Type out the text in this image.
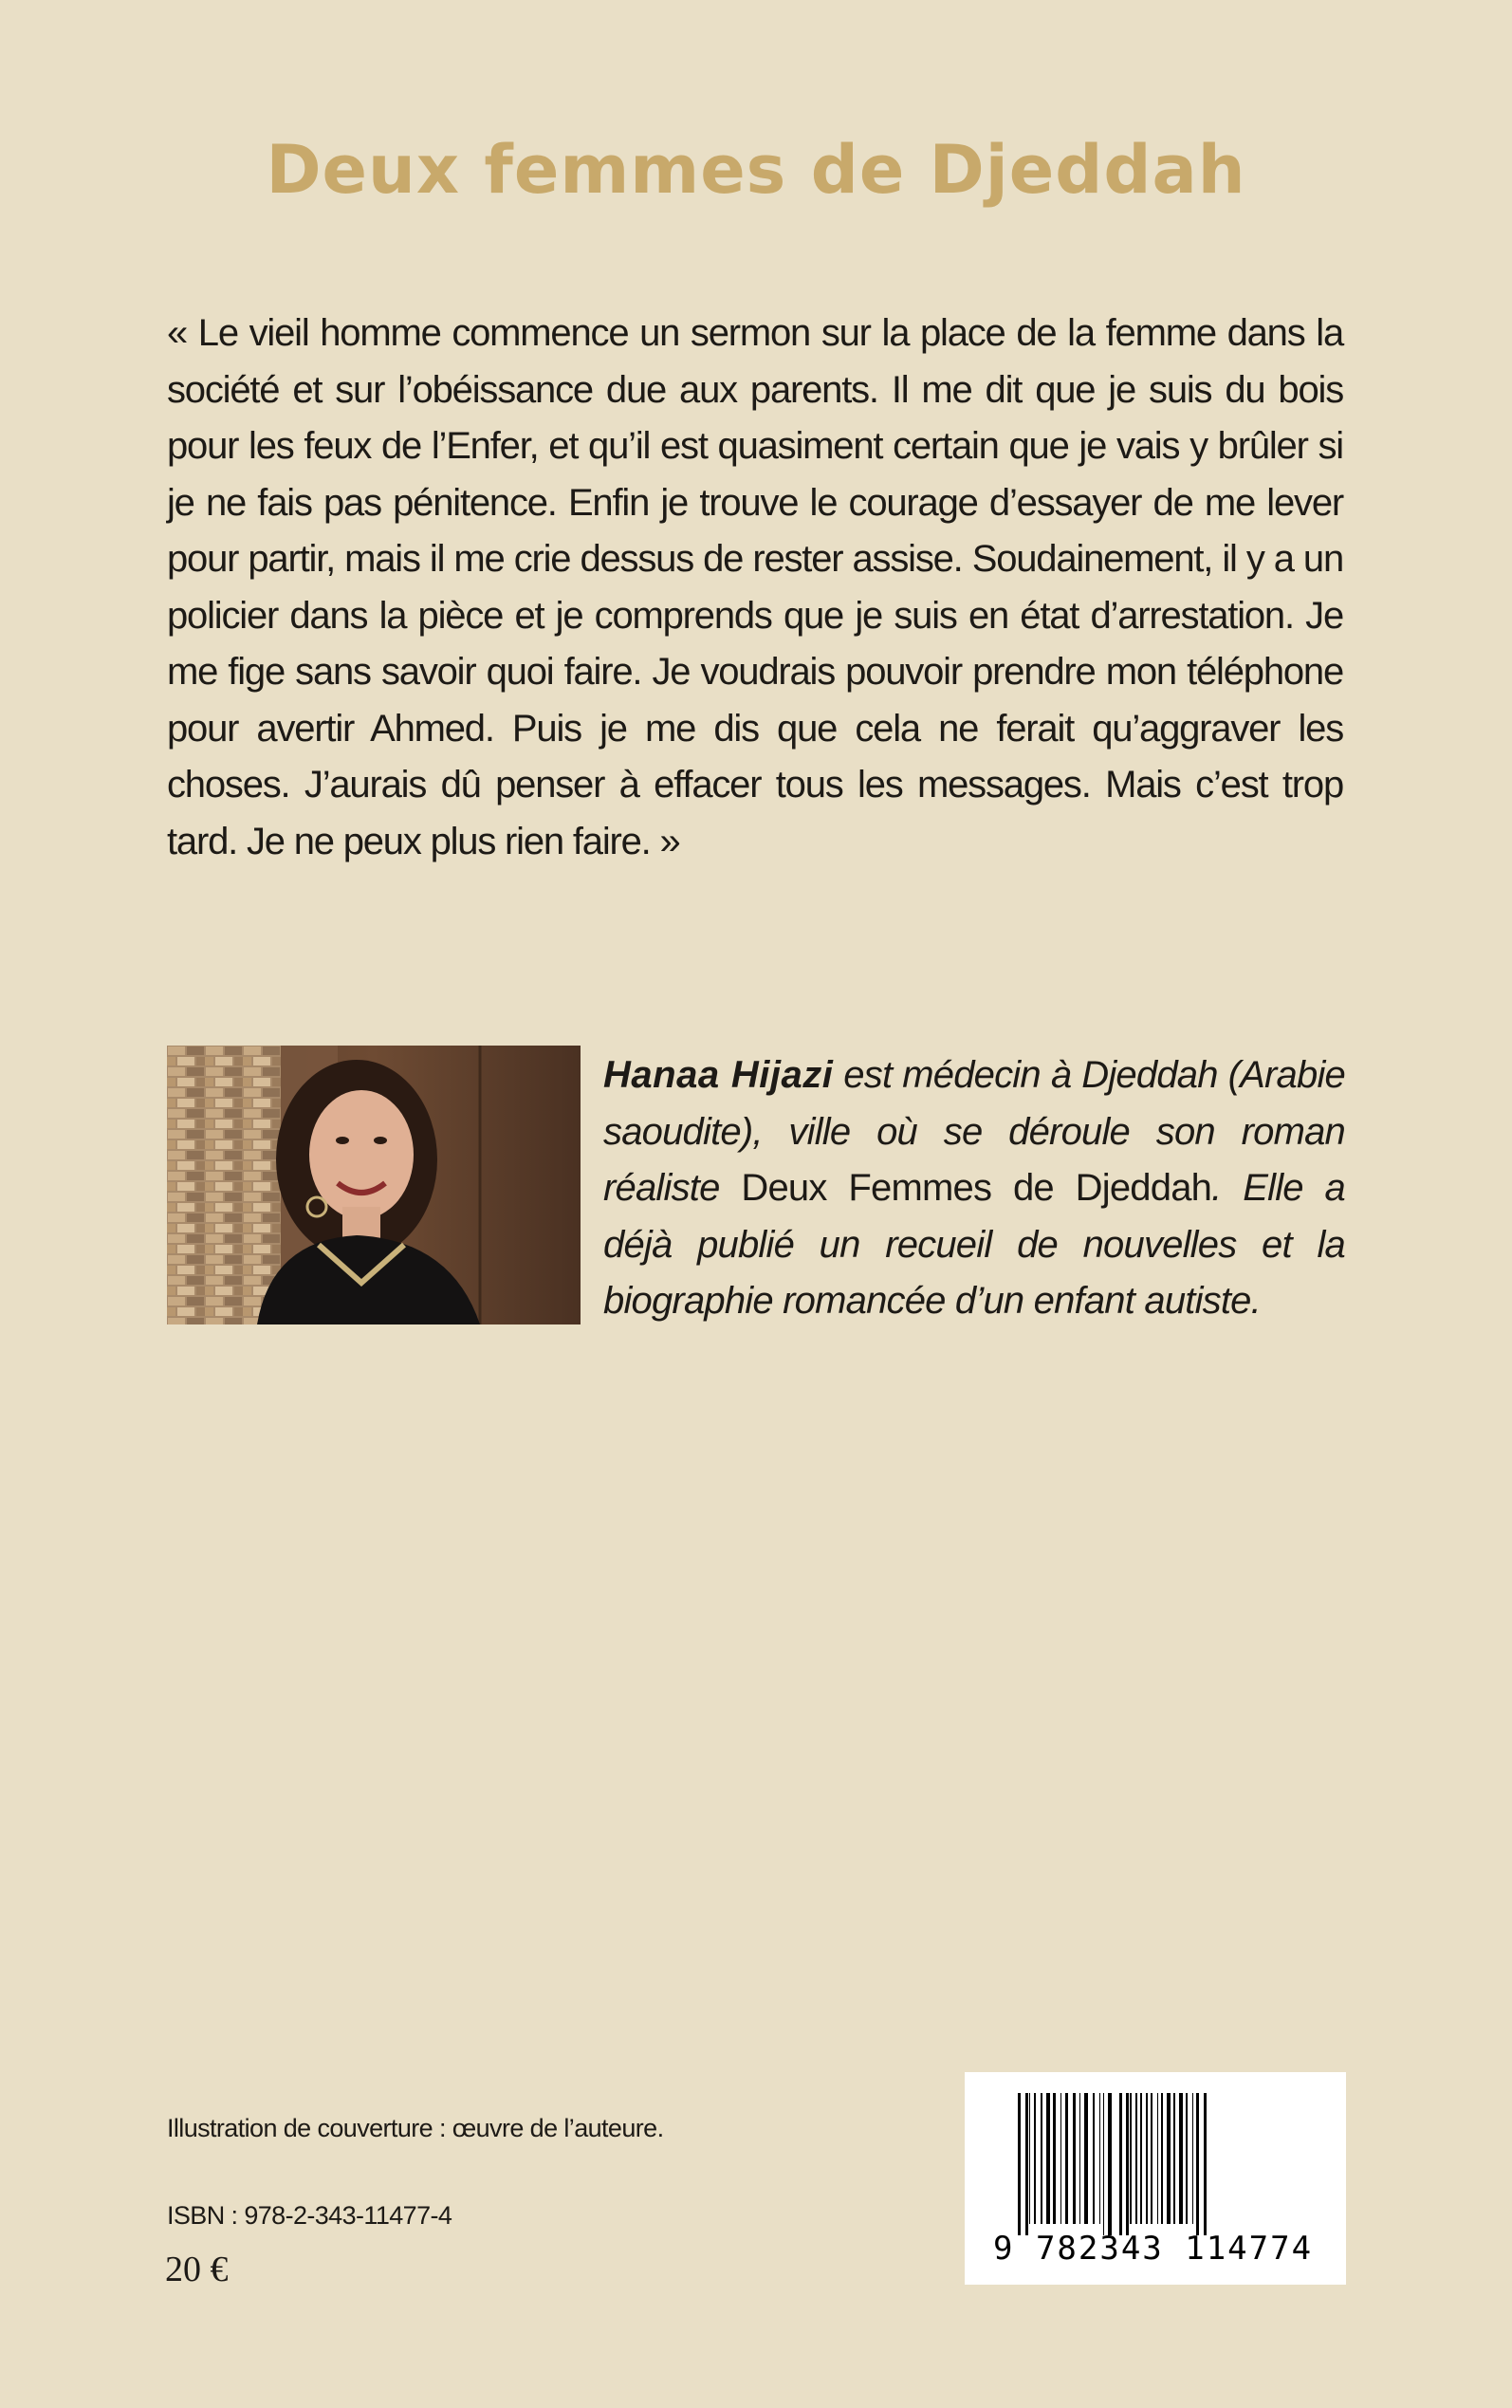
Deux femmes de Djeddah

« Le vieil homme commence un sermon sur la place de la femme dans la société et sur l’obéissance due aux parents. Il me dit que je suis du bois pour les feux de l’Enfer, et qu’il est quasiment certain que je vais y brûler si je ne fais pas pénitence. Enfin je trouve le courage d’essayer de me lever pour partir, mais il me crie dessus de rester assise. Soudainement, il y a un policier dans la pièce et je comprends que je suis en état d’arrestation. Je me fige sans savoir quoi faire. Je voudrais pouvoir prendre mon téléphone pour avertir Ahmed. Puis je me dis que cela ne ferait qu’aggraver les choses. J’aurais dû penser à effacer tous les messages. Mais c’est trop tard. Je ne peux plus rien faire. »

Hanaa Hijazi est médecin à Djeddah (Arabie saoudite), ville où se déroule son roman réaliste Deux Femmes de Djeddah. Elle a déjà publié un recueil de nouvelles et la biographie romancée d’un enfant autiste.

Illustration de couverture : œuvre de l’auteure.
ISBN : 978-2-343-11477-4
20 €
9 782343 114774
